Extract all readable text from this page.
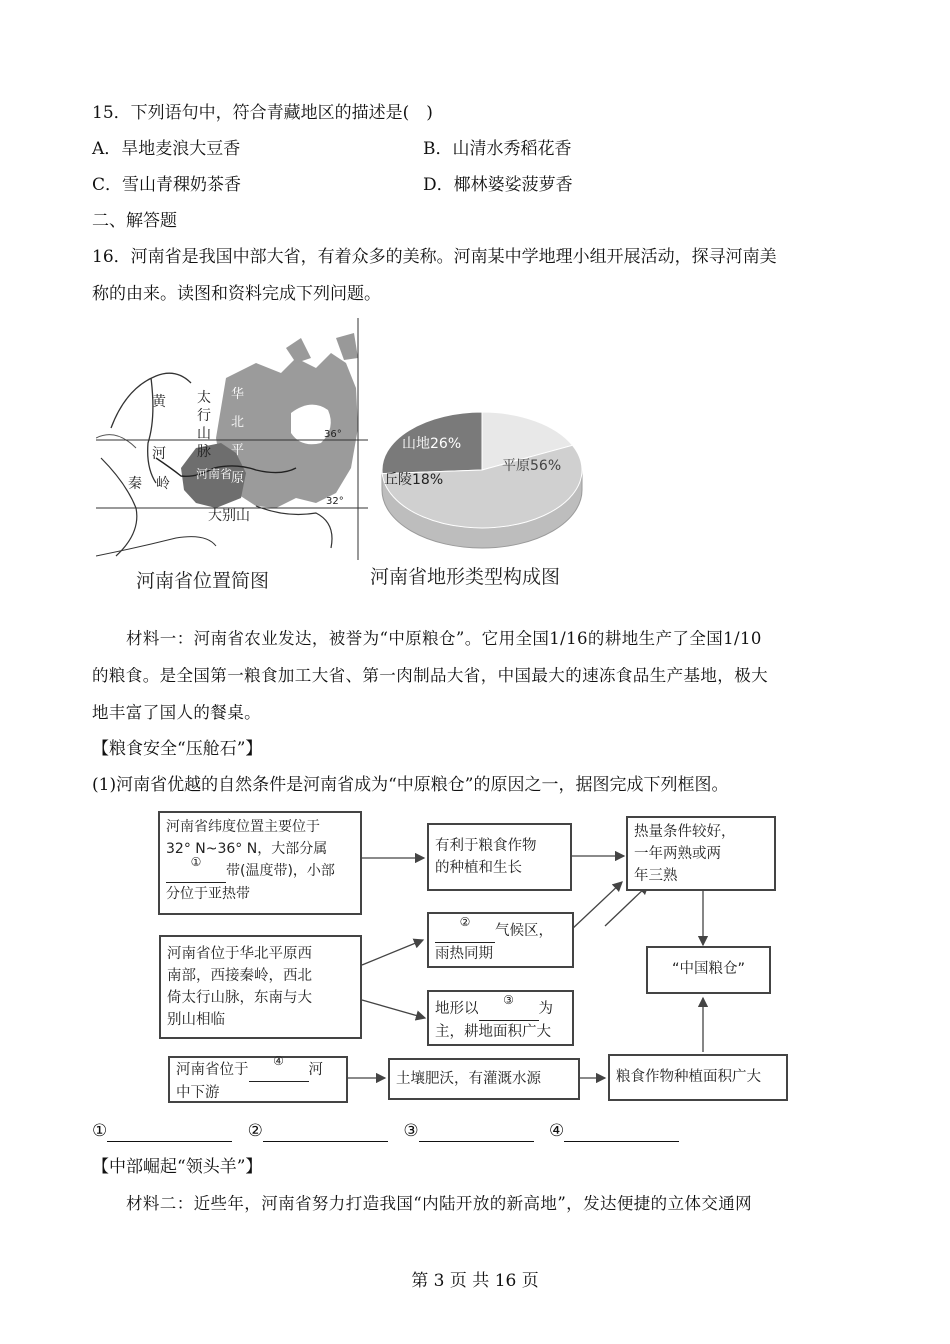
15．下列语句中，符合青藏地区的描述是(　)
A．旱地麦浪大豆香	B．山清水秀稻花香
C．雪山青稞奶茶香	D．椰林婆娑菠萝香
二、解答题
16．河南省是我国中部大省，有着众多的美称。河南某中学地理小组开展活动，探寻河南美
称的由来。读图和资料完成下列问题。
黄
河
太
行
山
脉
华
北
平
原
河南省
秦　岭
大别山
36°
32°
河南省位置简图
山地26%
丘陵18%
平原56%
河南省地形类型构成图
材料一：河南省农业发达，被誉为“中原粮仓”。它用全国1/16的耕地生产了全国1/10
的粮食。是全国第一粮食加工大省、第一肉制品大省，中国最大的速冻食品生产基地，极大
地丰富了国人的餐桌。
【粮食安全“压舱石”】
(1)河南省优越的自然条件是河南省成为“中原粮仓”的原因之一，据图完成下列框图。
河南省纬度位置主要位于
32° N~36° N，大部分属
①
带(温度带)，小部
分位于亚热带
有利于粮食作物
的种植和生长
热量条件较好，
一年两熟或两
年三熟
河南省位于华北平原西
南部，西接秦岭，西北
倚太行山脉，东南与大
别山相临
②
气候区，
雨热同期
地形以
③
为
主，耕地面积广大
“中国粮仓”
河南省位于
④
河
中下游
土壤肥沃，有灌溉水源	粮食作物种植面积广大
①	②	③	④
【中部崛起“领头羊”】
材料二：近些年，河南省努力打造我国“内陆开放的新高地”，发达便捷的立体交通网
第 3 页 共 16 页
